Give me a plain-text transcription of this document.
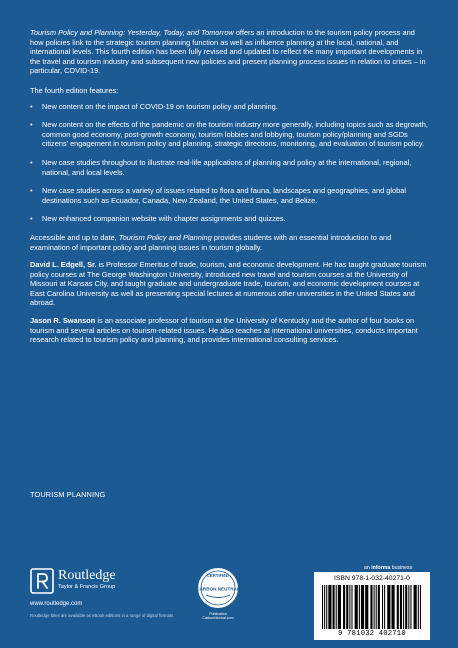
Tourism Policy and Planning: Yesterday, Today, and Tomorrow offers an introduction to the tourism policy process and how policies link to the strategic tourism planning function as well as influence planning at the local, national, and international levels. This fourth edition has been fully revised and updated to reflect the many important developments in the travel and tourism industry and subsequent new policies and present planning process issues in relation to crises – in particular, COVID-19.

The fourth edition features:

• New content on the impact of COVID-19 on tourism policy and planning.
• New content on the effects of the pandemic on the tourism industry more generally, including topics such as degrowth, common good economy, post-growth economy, tourism lobbies and lobbying, tourism policy/planning and SGDs citizens’ engagement in tourism policy and planning, strategic directions, monitoring, and evaluation of tourism policy.
• New case studies throughout to illustrate real-life applications of planning and policy at the international, regional, national, and local levels.
• New case studies across a variety of issues related to flora and fauna, landscapes and geographies, and global destinations such as Ecuador, Canada, New Zealand, the United States, and Belize.
• New enhanced companion website with chapter assignments and quizzes.

Accessible and up to date, Tourism Policy and Planning provides students with an essential introduction to and examination of important policy and planning issues in tourism globally.

David L. Edgell, Sr. is Professor Emeritus of trade, tourism, and economic development. He has taught graduate tourism policy courses at The George Washington University, introduced new travel and tourism courses at the University of Missouri at Kansas City, and taught graduate and undergraduate trade, tourism, and economic development courses at East Carolina University as well as presenting special lectures at numerous other universities in the United States and abroad.

Jason R. Swanson is an associate professor of tourism at the University of Kentucky and the author of four books on tourism and several articles on tourism-related issues. He also teaches at international universities, conducts important research related to tourism policy and planning, and provides international consulting services.

TOURISM PLANNING
Routledge
Taylor & Francis Group
www.routledge.com
Routledge titles are available as eBook editions in a range of digital formats
CERTIFIED
CARBON NEUTRAL
Publication
CarbonNeutral.com
an informa business
ISBN 978-1-032-40271-0
9 781032 402710
